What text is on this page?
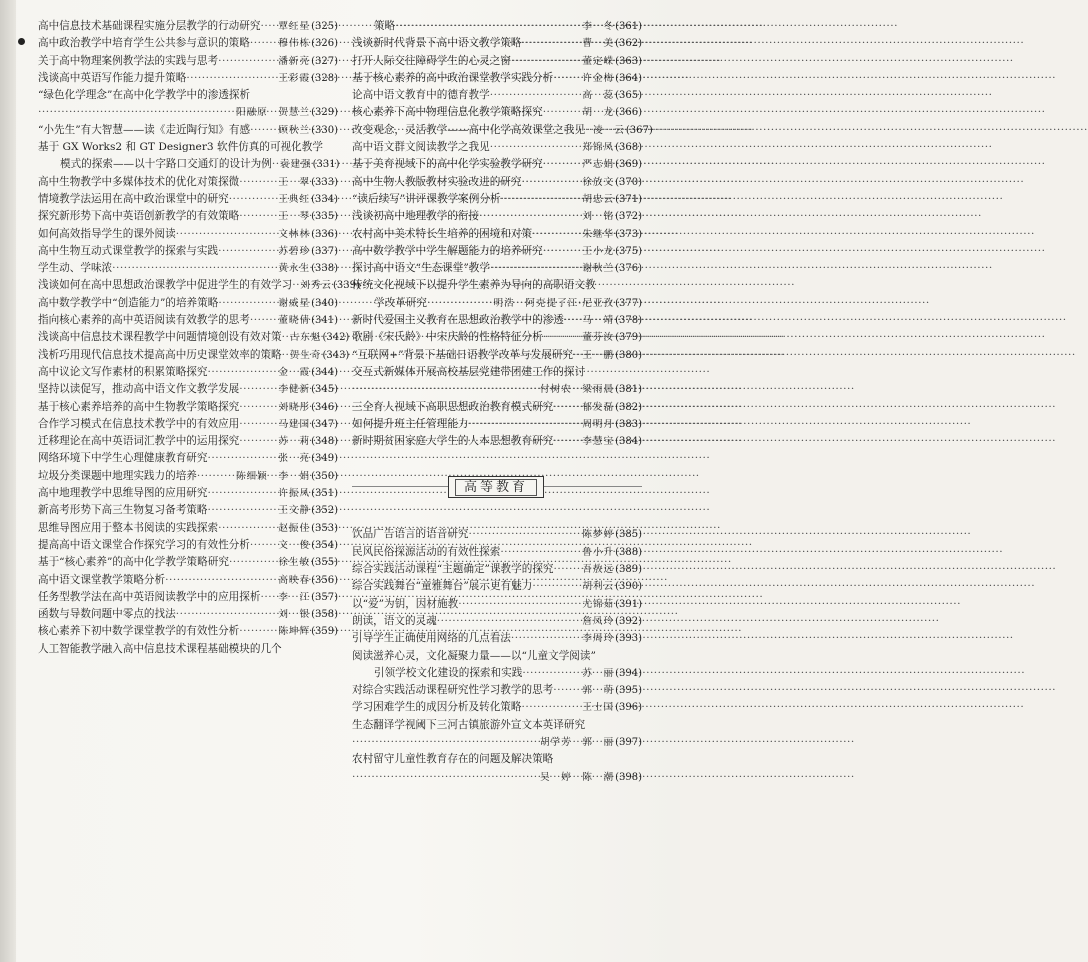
高中信息技术基础课程实施分层教学的行动研究 ····· 覃红星 (325)
高中政治教学中培育学生公共参与意识的策略 ·····	穆伟栋 (326)
关于高中物理案例教学法的实践与思考 ·····	潘新亮 (327)
浅谈高中英语写作能力提升策略 ·····	王彩霞 (328)
“绿色化学理念”在高中化学教学中的渗透探析
·····
阳融原　贺慧兰 (329)
“小先生”有大智慧——读《走近陶行知》有感 ·····	顾秋兰 (330)
基于 GX Works2 和 GT Designer3 软件仿真的可视化教学
模式的探索——以十字路口交通灯的设计为例 ····· 袁建强 (331)
高中生物教学中多媒体技术的优化对策探微 ·····	王　翠 (333)
情境教学法运用在高中政治课堂中的研究 ·····	王典红 (334)
探究新形势下高中英语创新教学的有效策略 ·····	王　琴 (335)
如何高效指导学生的课外阅读 ·····	文林林 (336)
高中生物互动式课堂教学的探索与实践 ·····	苏碧珍 (337)
学生动、学味浓 ·····	黄永生 (338)
浅谈如何在高中思想政治课教学中促进学生的有效学习 ····· 刘秀云 (339)
高中数学教学中“创造能力”的培养策略 ·····	谢威星 (340)
指向核心素养的高中英语阅读有效教学的思考 ·····	董晓倩 (341)
浅谈高中信息技术课程教学中问题情境创设有效对策 ····· 古东魁 (342)
浅析巧用现代信息技术提高高中历史课堂效率的策略 ····· 贺生奇 (343)
高中议论文写作素材的积累策略探究 ·····	金　霞 (344)
坚持以读促写，推动高中语文作文教学发展 ·····	李健新 (345)
基于核心素养培养的高中生物教学策略探究 ·····	刘晓彤 (346)
合作学习模式在信息技术教学中的有效应用 ·····	马建国 (347)
迁移理论在高中英语词汇教学中的运用探究 ·····	苏　莉 (348)
网络环境下中学生心理健康教育研究 ·····	张　亮 (349)
垃圾分类课题中地理实践力的培养 ·····	陈细颖　李　娟 (350)
高中地理教学中思维导图的应用研究 ·····	许振凤 (351)
新高考形势下高三生物复习备考策略 ·····	王文静 (352)
思维导图应用于整本书阅读的实践探索 ·····	赵振佳 (353)
提高高中语文课堂合作探究学习的有效性分析 ·····	文　俊 (354)
基于“核心素养”的高中化学教学策略研究 ·····	徐生敏 (355)
高中语文课堂教学策略分析 ·····	高映春 (356)
任务型教学法在高中英语阅读教学中的应用探析 ····· 李　江 (357)
函数与导数问题中零点的找法 ·····	刘　银 (358)
核心素养下初中数学课堂教学的有效性分析 ·····	陈坤辉 (359)
人工智能教学融入高中信息技术课程基础模块的几个
策略 ·····	李　冬 (361)
浅谈新时代背景下高中语文教学策略 ·····	曹　美 (362)
打开人际交往障碍学生的心灵之窗 ·····	董定嵘 (363)
基于核心素养的高中政治课堂教学实践分析 ·····	许金梅 (364)
论高中语文教育中的德育教学 ·····	高　蕊 (365)
核心素养下高中物理信息化教学策略探究 ·····	胡　龙 (366)
改变观念，灵活教学——高中化学高效课堂之我见 ····· 凌　云 (367)
高中语文群文阅读教学之我见 ·····	郑锦凤 (368)
基于美育视域下的高中化学实验教学研究 ·····	严志娟 (369)
高中生物人教版教材实验改进的研究 ·····	徐放文 (370)
“读后续写”讲评课教学案例分析 ·····	胡忠云 (371)
浅谈初高中地理教学的衔接 ·····	刘　铭 (372)
农村高中美术特长生培养的困境和对策 ·····	朱继华 (373)
高中数学教学中学生解题能力的培养研究 ·····	王小龙 (375)
探讨高中语文“生态课堂”教学 ·····	谢秋兰 (376)
传统文化视域下以提升学生素养为导向的高职语文教
学改革研究 ·····	明浩　阿克提了江·尼亚孜 (377)
新时代爱国主义教育在思想政治教学中的渗透 ····· 马　靖 (378)
歌剧《宋氏龄》中宋庆龄的性格特征分析 ·····	董芬汝 (379)
“互联网+”背景下基础日语教学改革与发展研究 ····· 王　鹏 (380)
交互式新媒体开展高校基层党建带团建工作的探讨
·····
付树农　梁雨晨 (381)
三全育人视域下高职思想政治教育模式研究 ·····	郁发磊 (382)
如何提升班主任管理能力 ·····	周明月 (383)
新时期贫困家庭大学生的人本思想教育研究 ·····	李慧宝 (384)
高等教育
饮品广告语言的语音研究 ·····	陈梦婷 (385)
民风民俗探源活动的有效性探索 ·····	鲁小升 (388)
综合实践活动课程“主题确定”课教学的探究 ·····	吾敖远 (389)
综合实践舞台“童雅舞台”展示更有魅力 ·····	胡利云 (390)
以“爱”为钥，因材施教 ·····	尤锦茹 (391)
朗读，语文的灵魂 ·····	詹凤玲 (392)
引导学生正确使用网络的几点看法 ·····	李周玲 (393)
阅读滋养心灵，文化凝聚力量——以“儿童文学阅读”
引领学校文化建设的探索和实践 ·····	苏　丽 (394)
对综合实践活动课程研究性学习教学的思考 ·····	郭　萌 (395)
学习困难学生的成因分析及转化策略 ·····	王士国 (396)
生态翻译学视阈下三河古镇旅游外宣文本英译研究
·····
胡学芳　郭　丽 (397)
农村留守儿童性教育存在的问题及解决策略
·····
吴　婷　陈　潮 (398)
